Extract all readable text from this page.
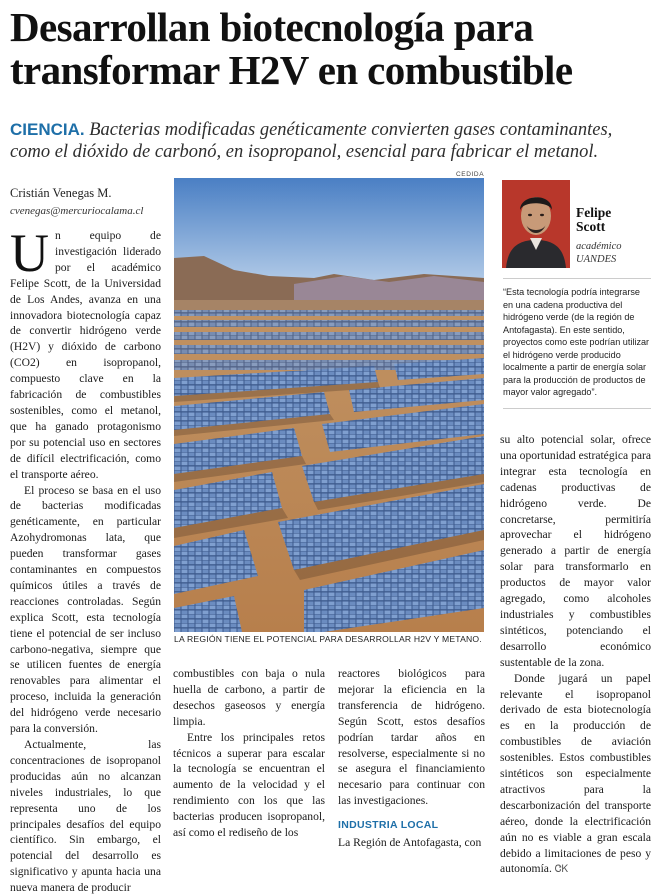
Desarrollan biotecnología para
transformar H2V en combustible
CIENCIA. Bacterias modificadas genéticamente convierten gases contaminantes, como el dióxido de carbonó, en isopropanol, esencial para fabricar el metanol.
Cristián Venegas M.
cvenegas@mercuriocalama.cl
CEDIDA
LA REGIÓN TIENE EL POTENCIAL PARA DESARROLLAR H2V Y METANO.

Un equipo de investigación liderado por el académico Felipe Scott, de la Universidad de Los Andes, avanza en una innovadora biotecnología capaz de convertir hidrógeno verde (H2V) y dióxido de carbono (CO2) en isopropanol, compuesto clave en la fabricación de combustibles sostenibles, como el metanol, que ha ganado protagonismo por su potencial uso en sectores de difícil electrificación, como el transporte aéreo.

El proceso se basa en el uso de bacterias modificadas genéticamente, en particular Azohydromonas lata, que pueden transformar gases contaminantes en compuestos químicos útiles a través de reacciones controladas. Según explica Scott, esta tecnología tiene el potencial de ser incluso carbono-negativa, siempre que se utilicen fuentes de energía renovables para alimentar el proceso, incluida la generación del hidrógeno verde necesario para la conversión.

Actualmente, las concentraciones de isopropanol producidas aún no alcanzan niveles industriales, lo que representa uno de los principales desafíos del equipo científico. Sin embargo, el potencial del desarrollo es significativo y apunta hacia una nueva manera de producir

combustibles con baja o nula huella de carbono, a partir de desechos gaseosos y energía limpia.

Entre los principales retos técnicos a superar para escalar la tecnología se encuentran el aumento de la velocidad y el rendimiento con los que las bacterias producen isopropanol, así como el rediseño de los

reactores biológicos para mejorar la eficiencia en la transferencia de hidrógeno. Según Scott, estos desafíos podrían tardar años en resolverse, especialmente si no se asegura el financiamiento necesario para continuar con las investigaciones.

INDUSTRIA LOCAL

La Región de Antofagasta, con

su alto potencial solar, ofrece una oportunidad estratégica para integrar esta tecnología en cadenas productivas de hidrógeno verde. De concretarse, permitiría aprovechar el hidrógeno generado a partir de energía solar para transformarlo en productos de mayor valor agregado, como alcoholes industriales y combustibles sintéticos, potenciando el desarrollo económico sustentable de la zona.

Donde jugará un papel relevante el isopropanol derivado de esta biotecnología es en la producción de combustibles de aviación sostenibles. Estos combustibles sintéticos son especialmente atractivos para la descarbonización del transporte aéreo, donde la electrificación aún no es viable a gran escala debido a limitaciones de peso y autonomía. ᏣᏦ

Felipe
Scott
académico
UANDES
“Esta tecnología podría integrarse en una cadena productiva del hidrógeno verde (de la región de Antofagasta). En este sentido, proyectos como este podrían utilizar el hidrógeno verde producido localmente a partir de energía solar para la producción de productos de mayor valor agregado”.
